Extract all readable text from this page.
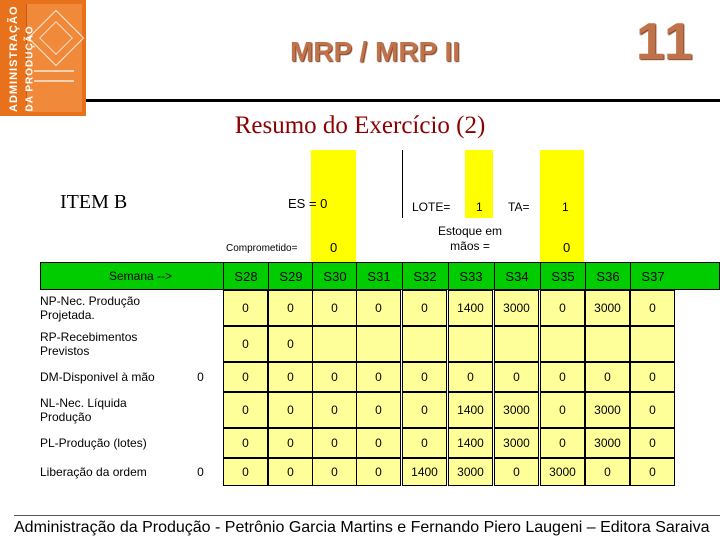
ADMINISTRAÇÃO DA PRODUÇÃO	MRP / MRP II	11
Resumo do Exercício (2)
ITEM B	ES = 0	LOTE= 1 TA=	1
Comprometido=	0
Estoque em mãos =	0
Semana -->	S28	S29	S30	S31	S32	S33	S34	S35	S36	S37
NP-Nec. Produção Projetada.	0	0	0	0	0	1400	3000	0	3000	0
RP-Recebimentos Previstos	0	0
DM-Disponivel à mão	0	0	0	0	0	0	0	0	0	0	0
NL-Nec. Líquida Produção	0	0	0	0	0	1400	3000	0	3000	0
PL-Produção (lotes)	0	0	0	0	0	1400	3000	0	3000	0
Liberação da ordem	0	0	0	0	0	1400	3000	0	3000	0	0
Administração da Produção - Petrônio Garcia Martins e Fernando Piero Laugeni – Editora Saraiva
